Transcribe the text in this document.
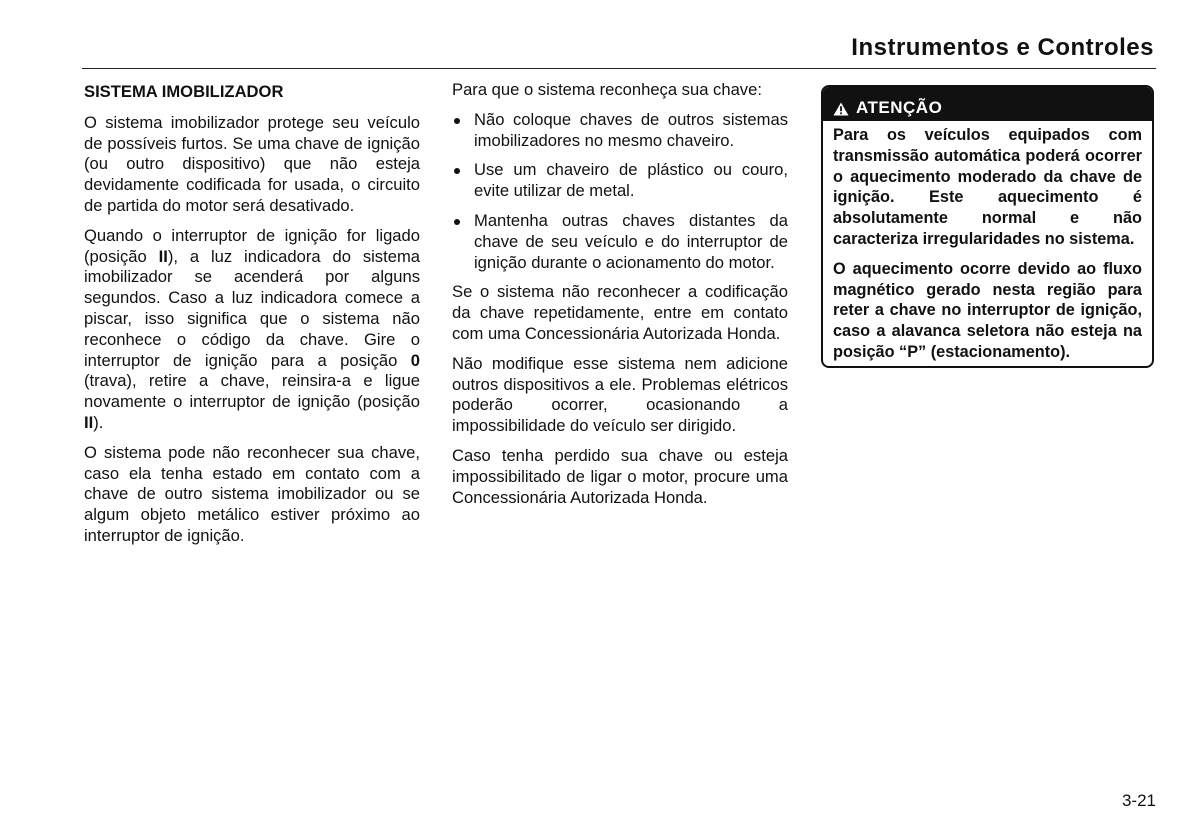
Instrumentos e Controles

SISTEMA IMOBILIZADOR

O sistema imobilizador protege seu veículo de possíveis furtos. Se uma chave de ignição (ou outro dispositivo) que não esteja devidamente codificada for usada, o circuito de partida do motor será desativado.

Quando o interruptor de ignição for ligado (posição II), a luz indicadora do sistema imobilizador se acenderá por alguns segundos. Caso a luz indicadora comece a piscar, isso significa que o sistema não reconhece o código da chave. Gire o interruptor de ignição para a posição 0 (trava), retire a chave, reinsira-a e ligue novamente o interruptor de ignição (posição II).

O sistema pode não reconhecer sua chave, caso ela tenha estado em contato com a chave de outro sistema imobilizador ou se algum objeto metálico estiver próximo ao interruptor de ignição.

Para que o sistema reconheça sua chave:

Não coloque chaves de outros sistemas imobilizadores no mesmo chaveiro.
Use um chaveiro de plástico ou couro, evite utilizar de metal.
Mantenha outras chaves distantes da chave de seu veículo e do interruptor de ignição durante o acionamento do motor.

Se o sistema não reconhecer a codificação da chave repetidamente, entre em contato com uma Concessionária Autorizada Honda.

Não modifique esse sistema nem adicione outros dispositivos a ele. Problemas elétricos poderão ocorrer, ocasionando a impossibilidade do veículo ser dirigido.

Caso tenha perdido sua chave ou esteja impossibilitado de ligar o motor, procure uma Concessionária Autorizada Honda.

ATENÇÃO

Para os veículos equipados com transmissão automática poderá ocorrer o aquecimento moderado da chave de ignição. Este aquecimento é absolutamente normal e não caracteriza irregularidades no sistema.

O aquecimento ocorre devido ao fluxo magnético gerado nesta região para reter a chave no interruptor de ignição, caso a alavanca seletora não esteja na posição “P” (estacionamento).

3-21
